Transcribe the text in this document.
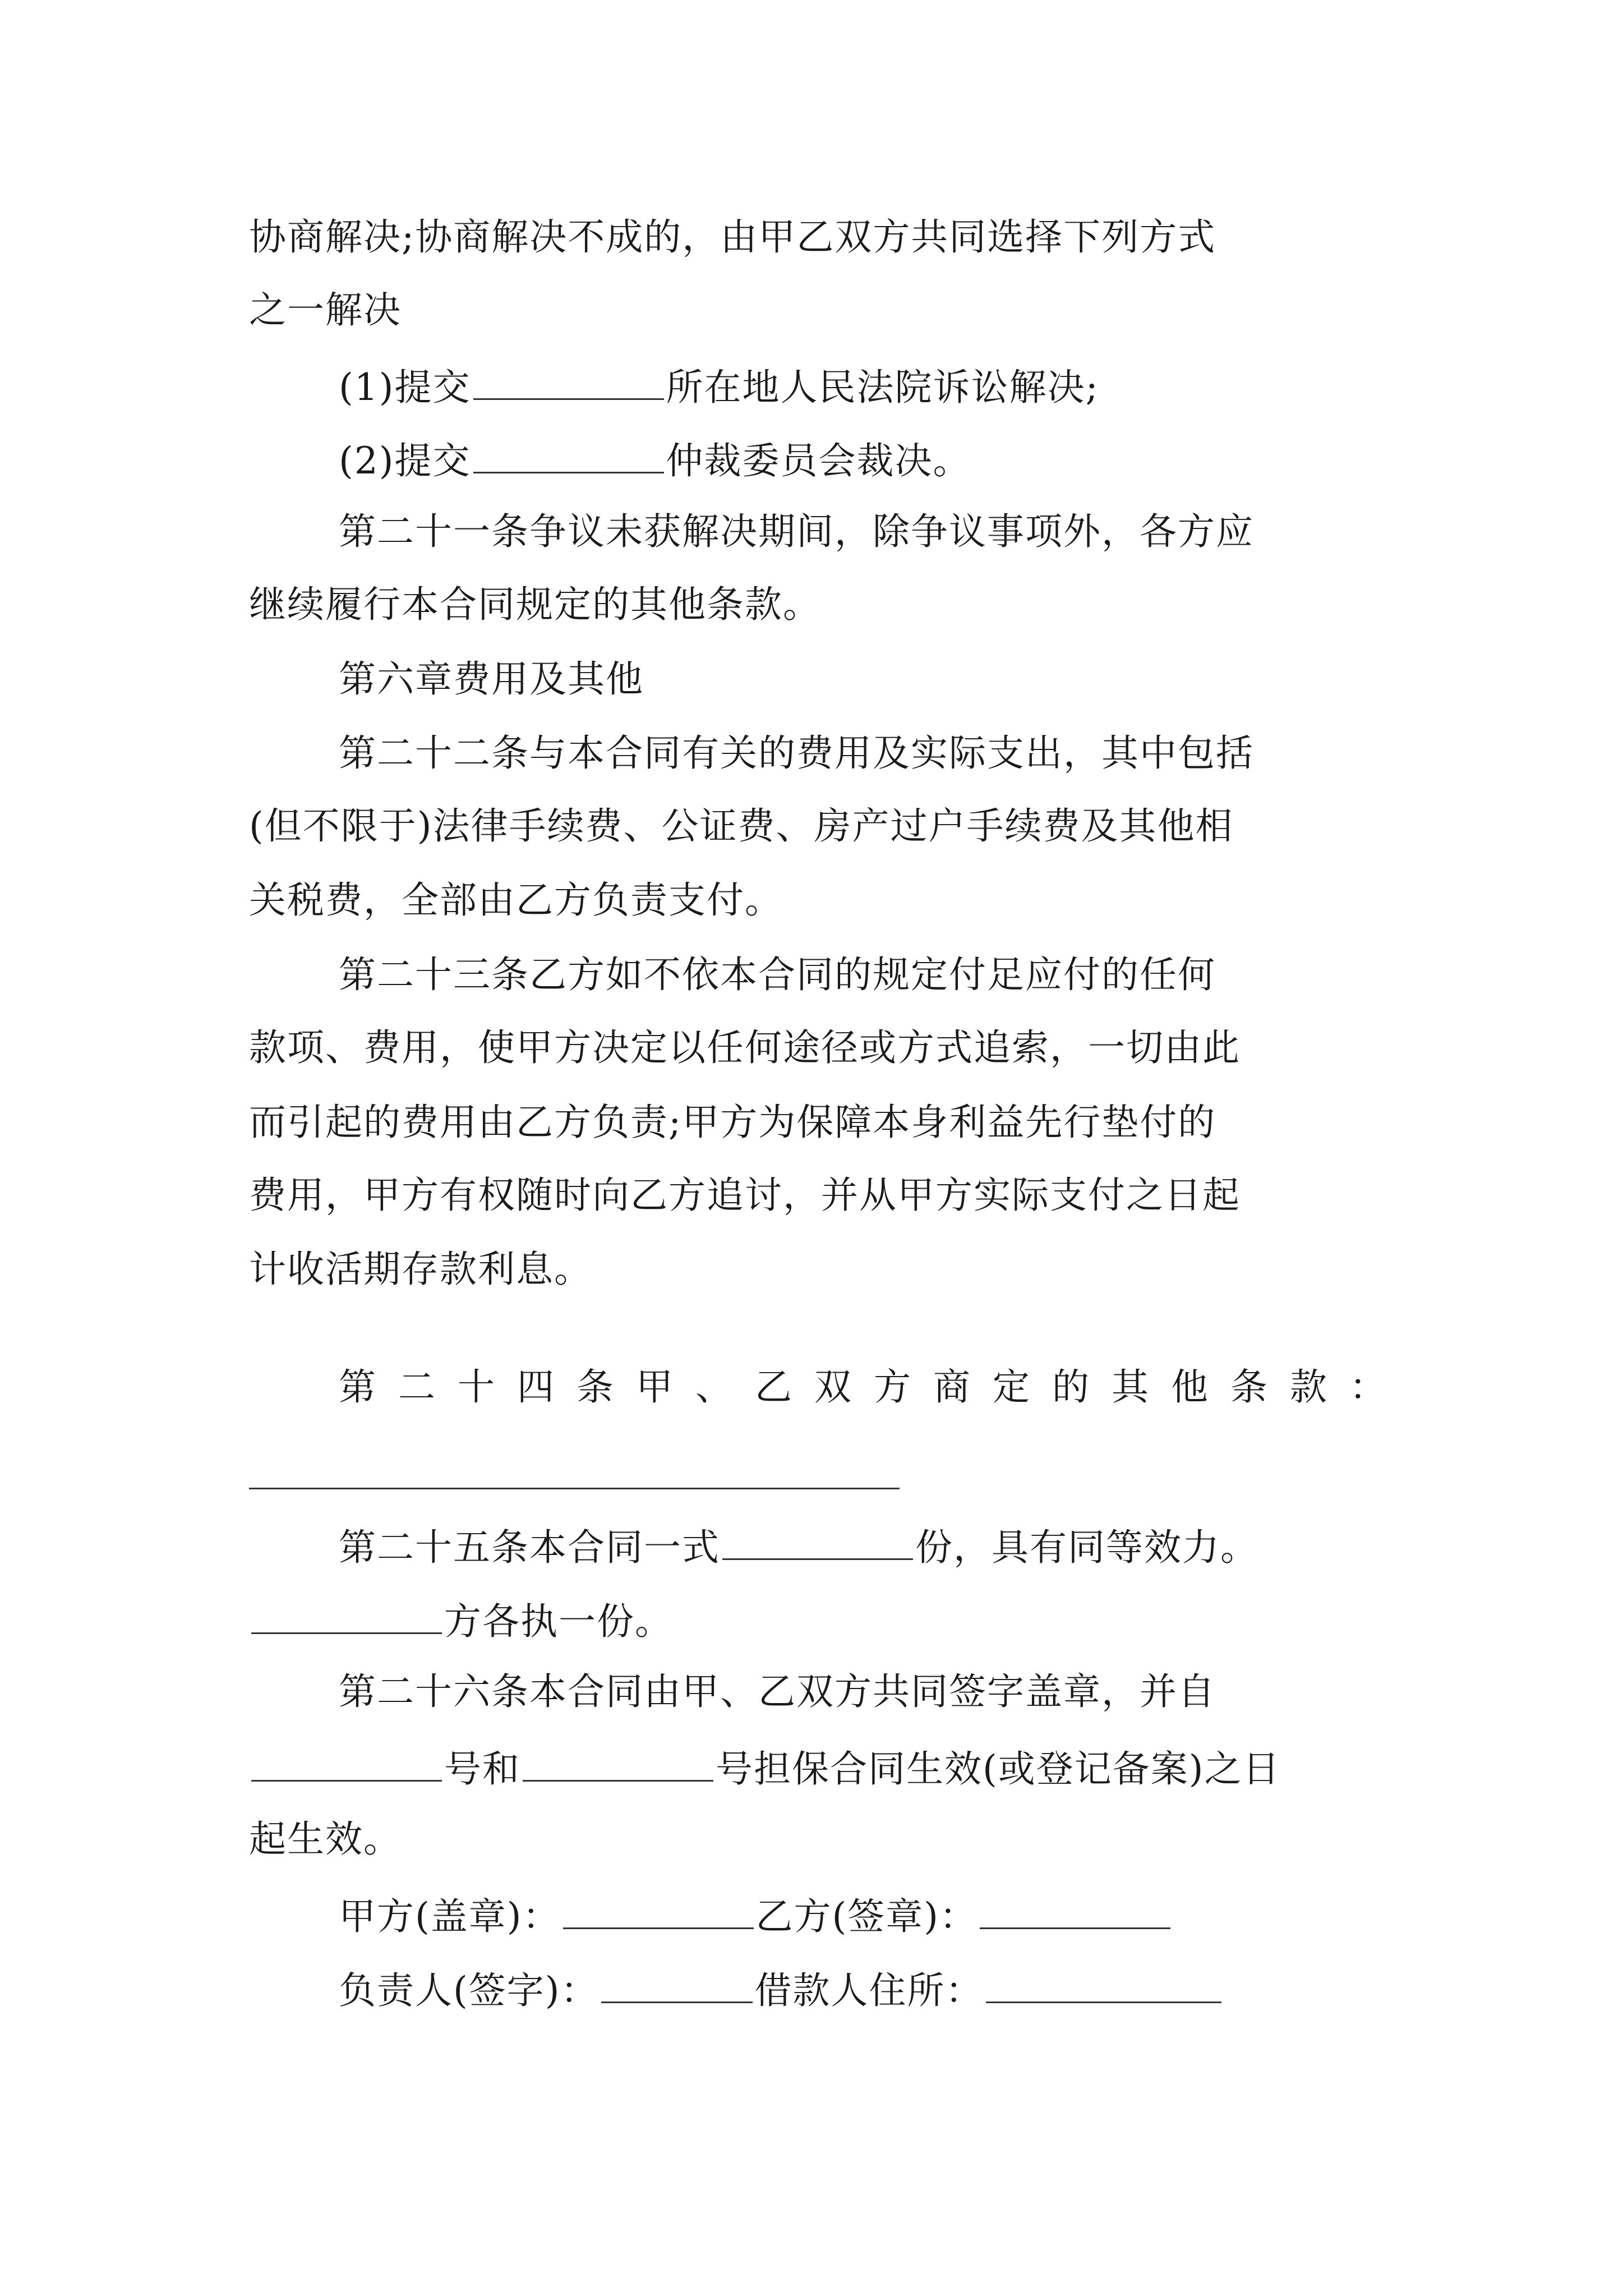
协商解决;协商解决不成的，由甲乙双方共同选择下列方式
之一解决
(1)提交	所在地人民法院诉讼解决;
(2)提交	仲裁委员会裁决。
第二十一条争议未获解决期间，除争议事项外，各方应
继续履行本合同规定的其他条款。
第六章费用及其他
第二十二条与本合同有关的费用及实际支出，其中包括
(但不限于)法律手续费、公证费、房产过户手续费及其他相
关税费，全部由乙方负责支付。
第二十三条乙方如不依本合同的规定付足应付的任何
款项、费用，使甲方决定以任何途径或方式追索，一切由此
而引起的费用由乙方负责;甲方为保障本身利益先行垫付的
费用，甲方有权随时向乙方追讨，并从甲方实际支付之日起
计收活期存款利息。
第二十四条甲、乙双方商定的其他条款：
第二十五条本合同一式	份，具有同等效力。
方各执一份。
第二十六条本合同由甲、乙双方共同签字盖章，并自
号和	号担保合同生效(或登记备案)之日
起生效。
甲方(盖章)：	乙方(签章)：
负责人(签字)：	借款人住所：
